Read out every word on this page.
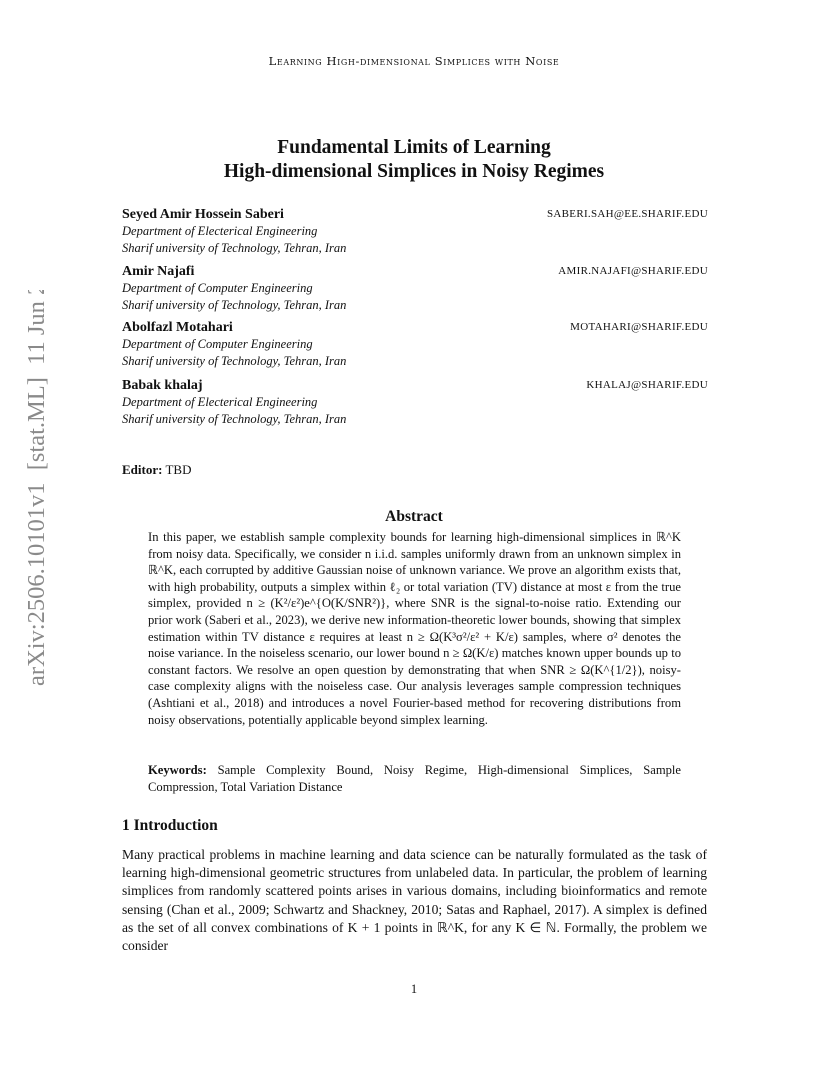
Learning High-dimensional Simplices with Noise
arXiv:2506.10101v1  [stat.ML]  11 Jun 2025
Fundamental Limits of Learning
High-dimensional Simplices in Noisy Regimes
Seyed Amir Hossein Saberi	SABERI.SAH@EE.SHARIF.EDU
Department of Electerical Engineering
Sharif university of Technology, Tehran, Iran
Amir Najafi	AMIR.NAJAFI@SHARIF.EDU
Department of Computer Engineering
Sharif university of Technology, Tehran, Iran
Abolfazl Motahari	MOTAHARI@SHARIF.EDU
Department of Computer Engineering
Sharif university of Technology, Tehran, Iran
Babak khalaj	KHALAJ@SHARIF.EDU
Department of Electerical Engineering
Sharif university of Technology, Tehran, Iran
Editor: TBD
Abstract
In this paper, we establish sample complexity bounds for learning high-dimensional simplices in ℝ^K from noisy data. Specifically, we consider n i.i.d. samples uniformly drawn from an unknown simplex in ℝ^K, each corrupted by additive Gaussian noise of unknown variance. We prove an algorithm exists that, with high probability, outputs a simplex within ℓ₂ or total variation (TV) distance at most ε from the true simplex, provided n ≥ (K²/ε²)e^{O(K/SNR²)}, where SNR is the signal-to-noise ratio. Extending our prior work (Saberi et al., 2023), we derive new information-theoretic lower bounds, showing that simplex estimation within TV distance ε requires at least n ≥ Ω(K³σ²/ε² + K/ε) samples, where σ² denotes the noise variance. In the noiseless scenario, our lower bound n ≥ Ω(K/ε) matches known upper bounds up to constant factors. We resolve an open question by demonstrating that when SNR ≥ Ω(K^{1/2}), noisy-case complexity aligns with the noiseless case. Our analysis leverages sample compression techniques (Ashtiani et al., 2018) and introduces a novel Fourier-based method for recovering distributions from noisy observations, potentially applicable beyond simplex learning.
Keywords: Sample Complexity Bound, Noisy Regime, High-dimensional Simplices, Sample Compression, Total Variation Distance
1 Introduction
Many practical problems in machine learning and data science can be naturally formulated as the task of learning high-dimensional geometric structures from unlabeled data. In particular, the problem of learning simplices from randomly scattered points arises in various domains, including bioinformatics and remote sensing (Chan et al., 2009; Schwartz and Shackney, 2010; Satas and Raphael, 2017). A simplex is defined as the set of all convex combinations of K + 1 points in ℝ^K, for any K ∈ ℕ. Formally, the problem we consider
1
